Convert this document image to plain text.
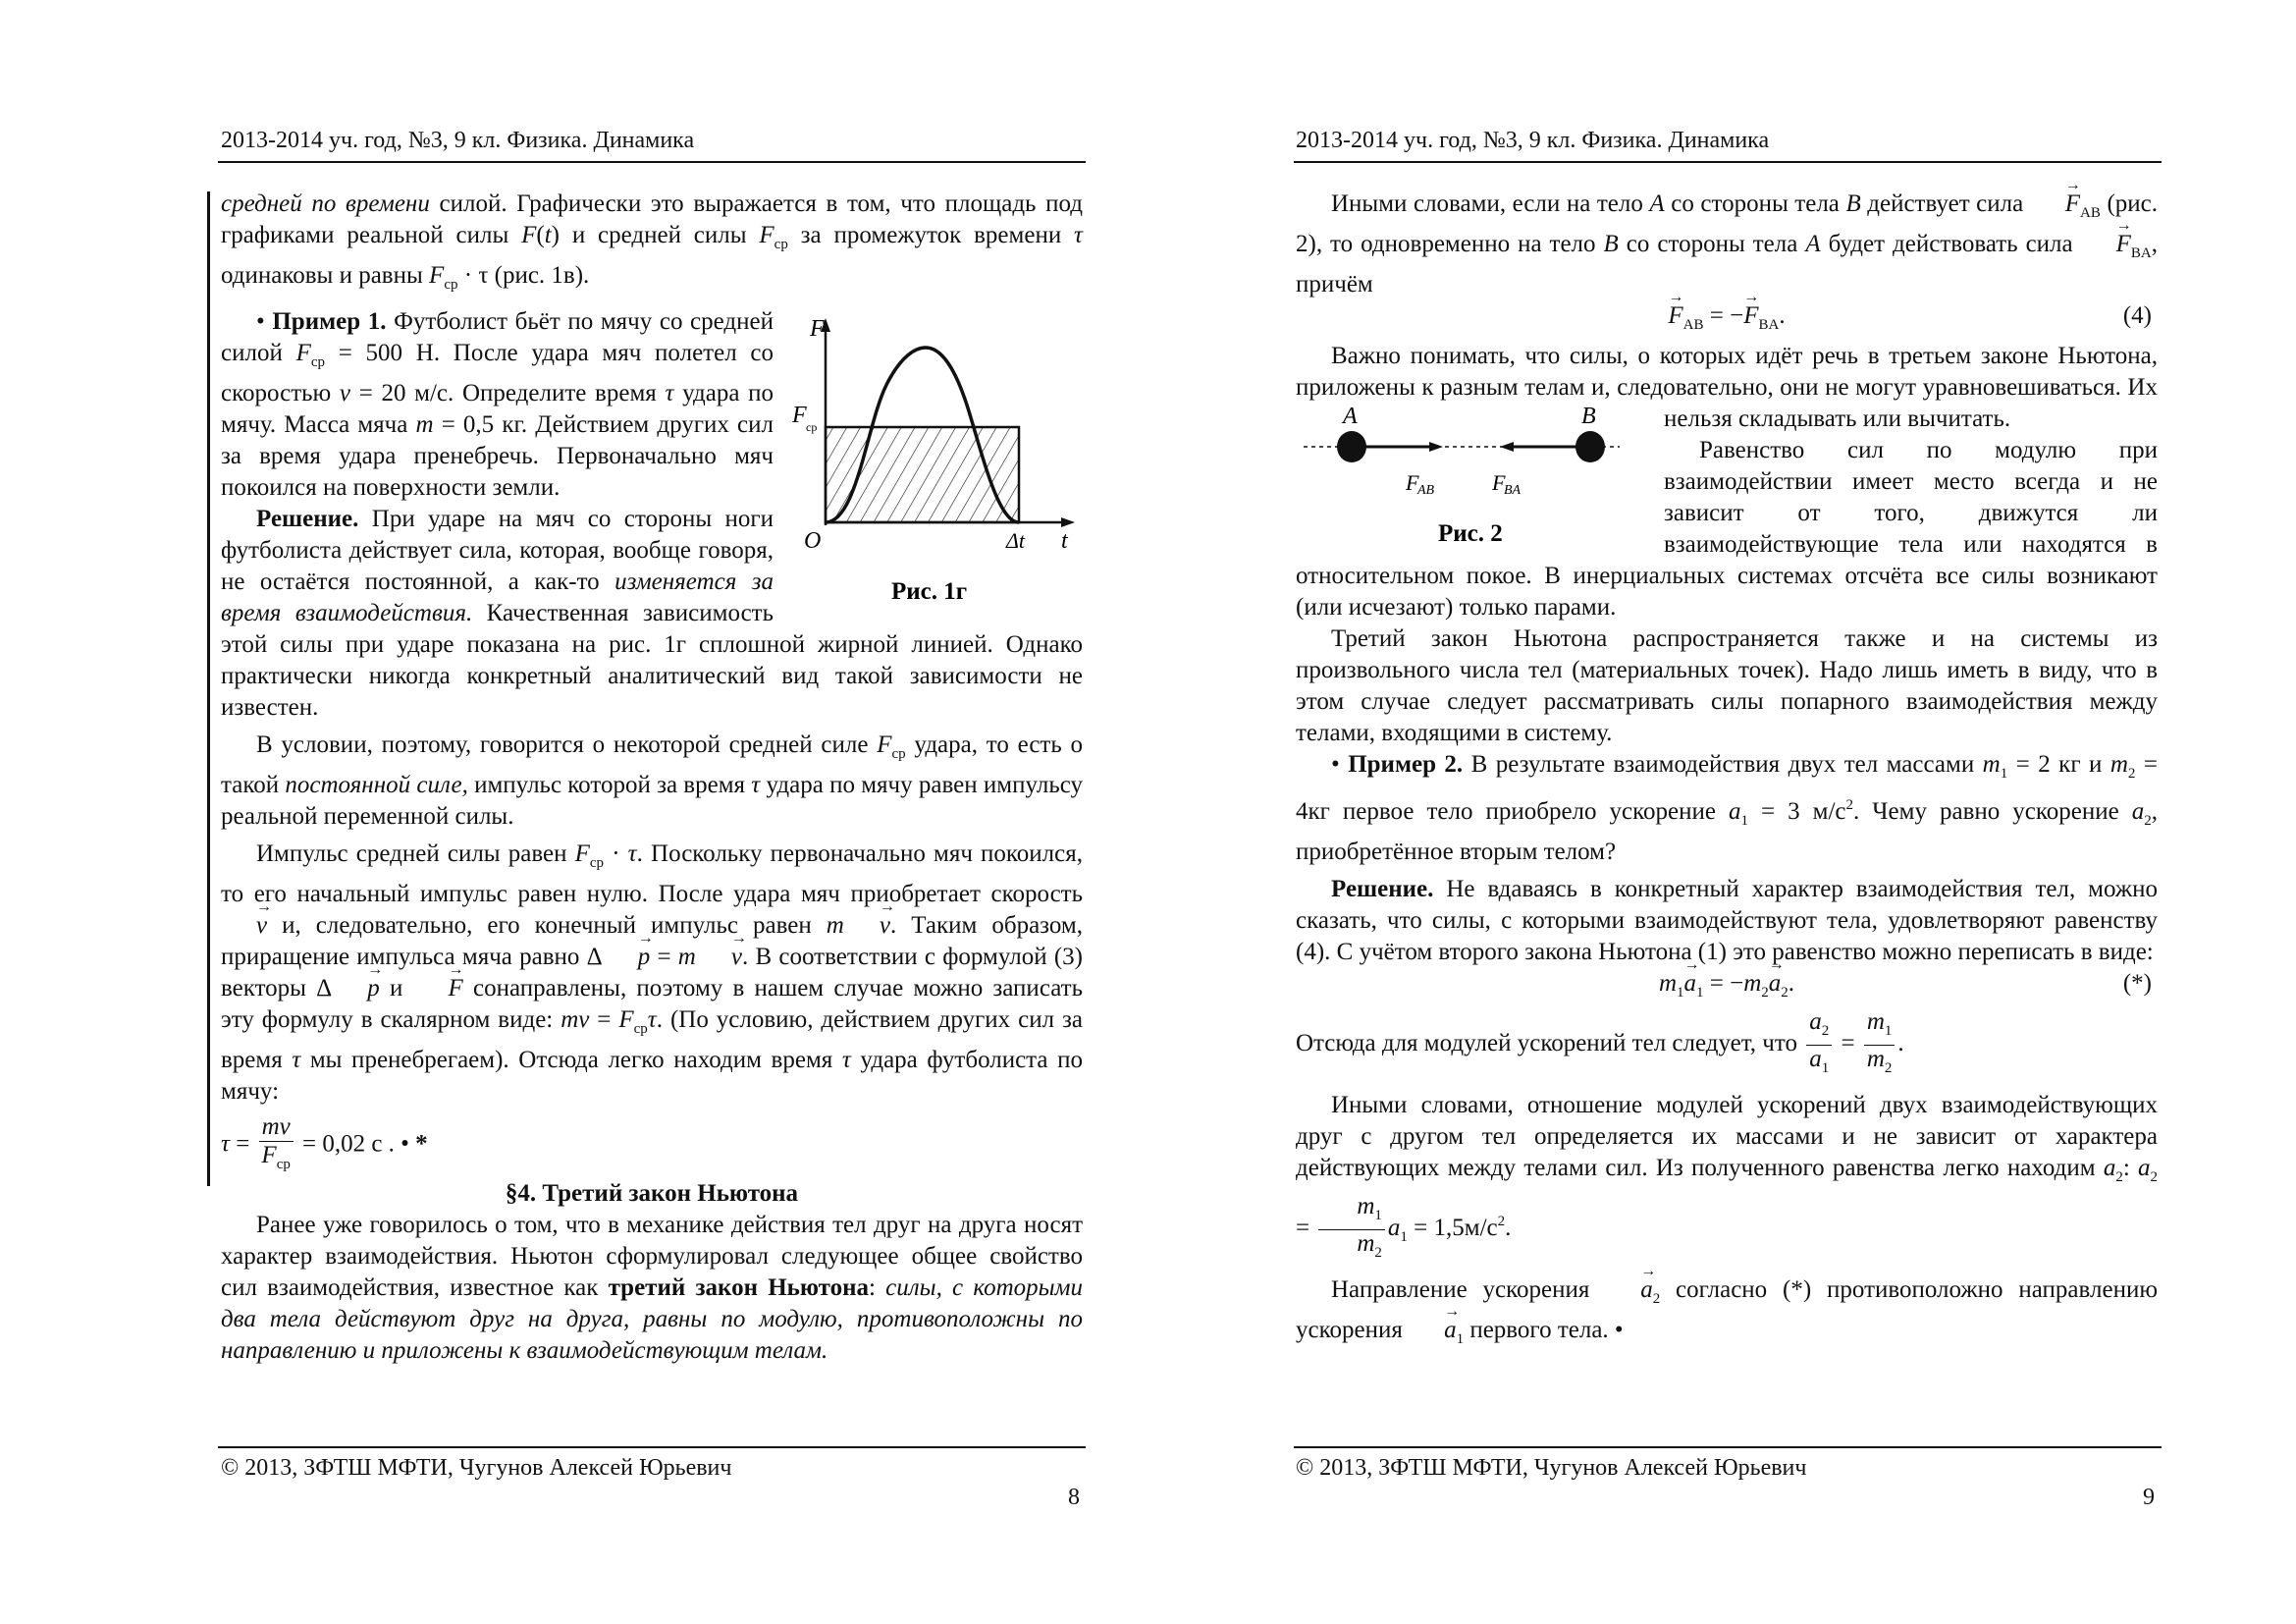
2013-2014 уч. год, №3, 9 кл. Физика. Динамика

средней по времени силой. Графически это выражается в том, что площадь под графиками реальной силы F(t) и средней силы $F_{ср}$ за промежуток времени τ одинаковы и равны $F_{ср} \cdot \tau$ (рис. 1в).

F
F ср
O	Δt t
Рис. 1г
• Пример 1. Футболист бьёт по мячу со средней силой $F_{ср} = 500$ Н. После удара мяч полетел со скоростью v = 20 м/с. Определите время τ удара по мячу. Масса мяча m = 0,5 кг. Действием других сил за время удара пренебречь. Первоначально мяч покоился на поверхности земли.

Решение. При ударе на мяч со стороны ноги футболиста действует сила, которая, вообще говоря, не остаётся постоянной, а как-то изменяется за время взаимодействия. Качественная зависимость этой силы при ударе показана на рис. 1г сплошной жирной линией. Однако практически никогда конкретный аналитический вид такой зависимости не известен.

В условии, поэтому, говорится о некоторой средней силе $F_{ср}$ удара, то есть о такой постоянной силе, импульс которой за время τ удара по мячу равен импульсу реальной переменной силы.

Импульс средней силы равен $F_{ср} \cdot \tau$. Поскольку первоначально мяч покоился, то его начальный импульс равен нулю. После удара мяч приобретает скорость v → и, следовательно, его конечный импульс равен m v →. Таким образом, приращение импульса мяча равно Δ p → = m v →. В соответствии с формулой (3) векторы Δ p → и F → сонаправлены, поэтому в нашем случае можно записать эту формулу в скалярном виде: mv = $F_{ср}\tau$. (По условию, действием других сил за время τ мы пренебрегаем). Отсюда легко находим время τ удара футболиста по мячу:

$\tau = \frac{mv}{F_{ср}} = 0,02$ с . • *

§4. Третий закон Ньютона

Ранее уже говорилось о том, что в механике действия тел друг на друга носят характер взаимодействия. Ньютон сформулировал следующее общее свойство сил взаимодействия, известное как третий закон Ньютона: силы, с которыми два тела действуют друг на друга, равны по модулю, противоположны по направлению и приложены к взаимодействующим телам.

© 2013, ЗФТШ МФТИ, Чугунов Алексей Юрьевич
8
2013-2014 уч. год, №3, 9 кл. Физика. Динамика

Иными словами, если на тело A со стороны тела B действует сила $F \to_{AB}$ (рис. 2), то одновременно на тело B со стороны тела A будет действовать сила $F \to_{BA}$, причём

$F \to_{AB} = -F \to_{BA}$.	(4)

A	B
F
AB	F
BA
Рис. 2
Важно понимать, что силы, о которых идёт речь в третьем законе Ньютона, приложены к разным телам и, следовательно, они не могут уравновешиваться. Их нельзя складывать или вычитать.

Равенство сил по модулю при взаимодействии имеет место всегда и не зависит от того, движутся ли взаимодействующие тела или находятся в относительном покое. В инерциальных системах отсчёта все силы возникают (или исчезают) только парами.

Третий закон Ньютона распространяется также и на системы из произвольного числа тел (материальных точек). Надо лишь иметь в виду, что в этом случае следует рассматривать силы попарного взаимодействия между телами, входящими в систему.

• Пример 2. В результате взаимодействия двух тел массами $m_1 = 2$ кг и $m_2 = 4кг$ первое тело приобрело ускорение $a_1 = 3$ $м/с^2$. Чему равно ускорение $a_2$, приобретённое вторым телом?

Решение. Не вдаваясь в конкретный характер взаимодействия тел, можно сказать, что силы, с которыми взаимодействуют тела, удовлетворяют равенству (4). С учётом второго закона Ньютона (1) это равенство можно переписать в виде:

$m_1a \to_1 = -m_2a \to_2$.	(*)

Отсюда для модулей ускорений тел следует, что $\frac{a_2}{a_1} = \frac{m_1}{m_2}$ .

Иными словами, отношение модулей ускорений двух взаимодействующих друг с другом тел определяется их массами и не зависит от характера действующих между телами сил. Из полученного равенства легко находим $a_2$: $a_2 = \frac{m_1}{m_2} a_1 = 1,5м/с^2$.

Направление ускорения $a \to_2$ согласно (*) противоположно направлению ускорения $a \to_1$ первого тела. •

© 2013, ЗФТШ МФТИ, Чугунов Алексей Юрьевич
9
